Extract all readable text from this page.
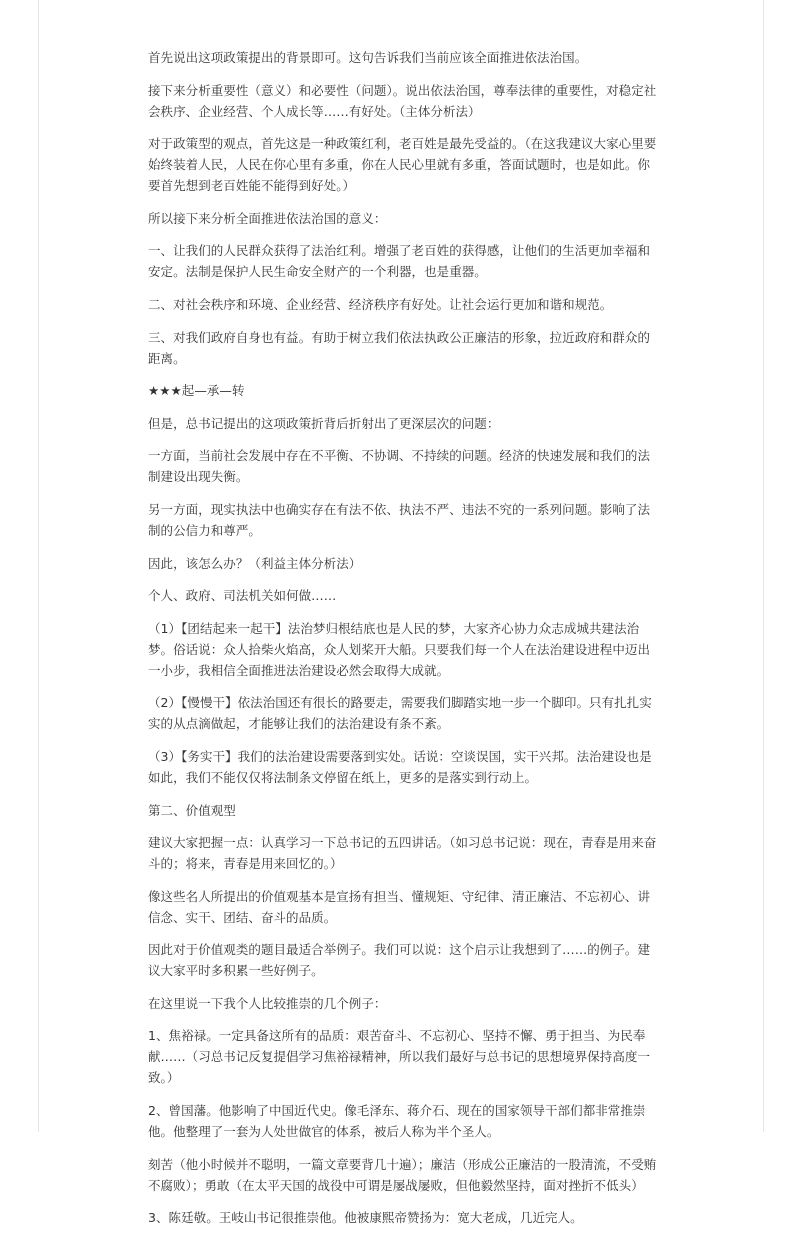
首先说出这项政策提出的背景即可。这句告诉我们当前应该全面推进依法治国。

接下来分析重要性（意义）和必要性（问题）。说出依法治国，尊奉法律的重要性，对稳定社会秩序、企业经营、个人成长等……有好处。（主体分析法）

对于政策型的观点，首先这是一种政策红利，老百姓是最先受益的。（在这我建议大家心里要始终装着人民，人民在你心里有多重，你在人民心里就有多重，答面试题时，也是如此。你要首先想到老百姓能不能得到好处。）

所以接下来分析全面推进依法治国的意义：

一、让我们的人民群众获得了法治红利。增强了老百姓的获得感，让他们的生活更加幸福和安定。法制是保护人民生命安全财产的一个利器，也是重器。

二、对社会秩序和环境、企业经营、经济秩序有好处。让社会运行更加和谐和规范。

三、对我们政府自身也有益。有助于树立我们依法执政公正廉洁的形象，拉近政府和群众的距离。

★★★起—承—转

但是，总书记提出的这项政策折背后折射出了更深层次的问题：

一方面，当前社会发展中存在不平衡、不协调、不持续的问题。经济的快速发展和我们的法制建设出现失衡。

另一方面，现实执法中也确实存在有法不依、执法不严、违法不究的一系列问题。影响了法制的公信力和尊严。

因此，该怎么办？（利益主体分析法）

个人、政府、司法机关如何做……

（1）【团结起来一起干】法治梦归根结底也是人民的梦，大家齐心协力众志成城共建法治梦。俗话说：众人拾柴火焰高，众人划桨开大船。只要我们每一个人在法治建设进程中迈出一小步，我相信全面推进法治建设必然会取得大成就。

（2）【慢慢干】依法治国还有很长的路要走，需要我们脚踏实地一步一个脚印。只有扎扎实实的从点滴做起，才能够让我们的法治建设有条不紊。

（3）【务实干】我们的法治建设需要落到实处。话说：空谈误国，实干兴邦。法治建设也是如此，我们不能仅仅将法制条文停留在纸上，更多的是落实到行动上。

第二、价值观型

建议大家把握一点：认真学习一下总书记的五四讲话。（如习总书记说：现在，青春是用来奋斗的；将来，青春是用来回忆的。）

像这些名人所提出的价值观基本是宣扬有担当、懂规矩、守纪律、清正廉洁、不忘初心、讲信念、实干、团结、奋斗的品质。

因此对于价值观类的题目最适合举例子。我们可以说：这个启示让我想到了……的例子。建议大家平时多积累一些好例子。

在这里说一下我个人比较推崇的几个例子：

1、焦裕禄。一定具备这所有的品质：艰苦奋斗、不忘初心、坚持不懈、勇于担当、为民奉献……（习总书记反复提倡学习焦裕禄精神，所以我们最好与总书记的思想境界保持高度一致。）

2、曾国藩。他影响了中国近代史。像毛泽东、蒋介石、现在的国家领导干部们都非常推崇他。他整理了一套为人处世做官的体系，被后人称为半个圣人。

刻苦（他小时候并不聪明，一篇文章要背几十遍）；廉洁（形成公正廉洁的一股清流，不受贿不腐败）；勇敢（在太平天国的战役中可谓是屡战屡败，但他毅然坚持，面对挫折不低头）

3、陈廷敬。王岐山书记很推崇他。他被康熙帝赞扬为：宽大老成，几近完人。
